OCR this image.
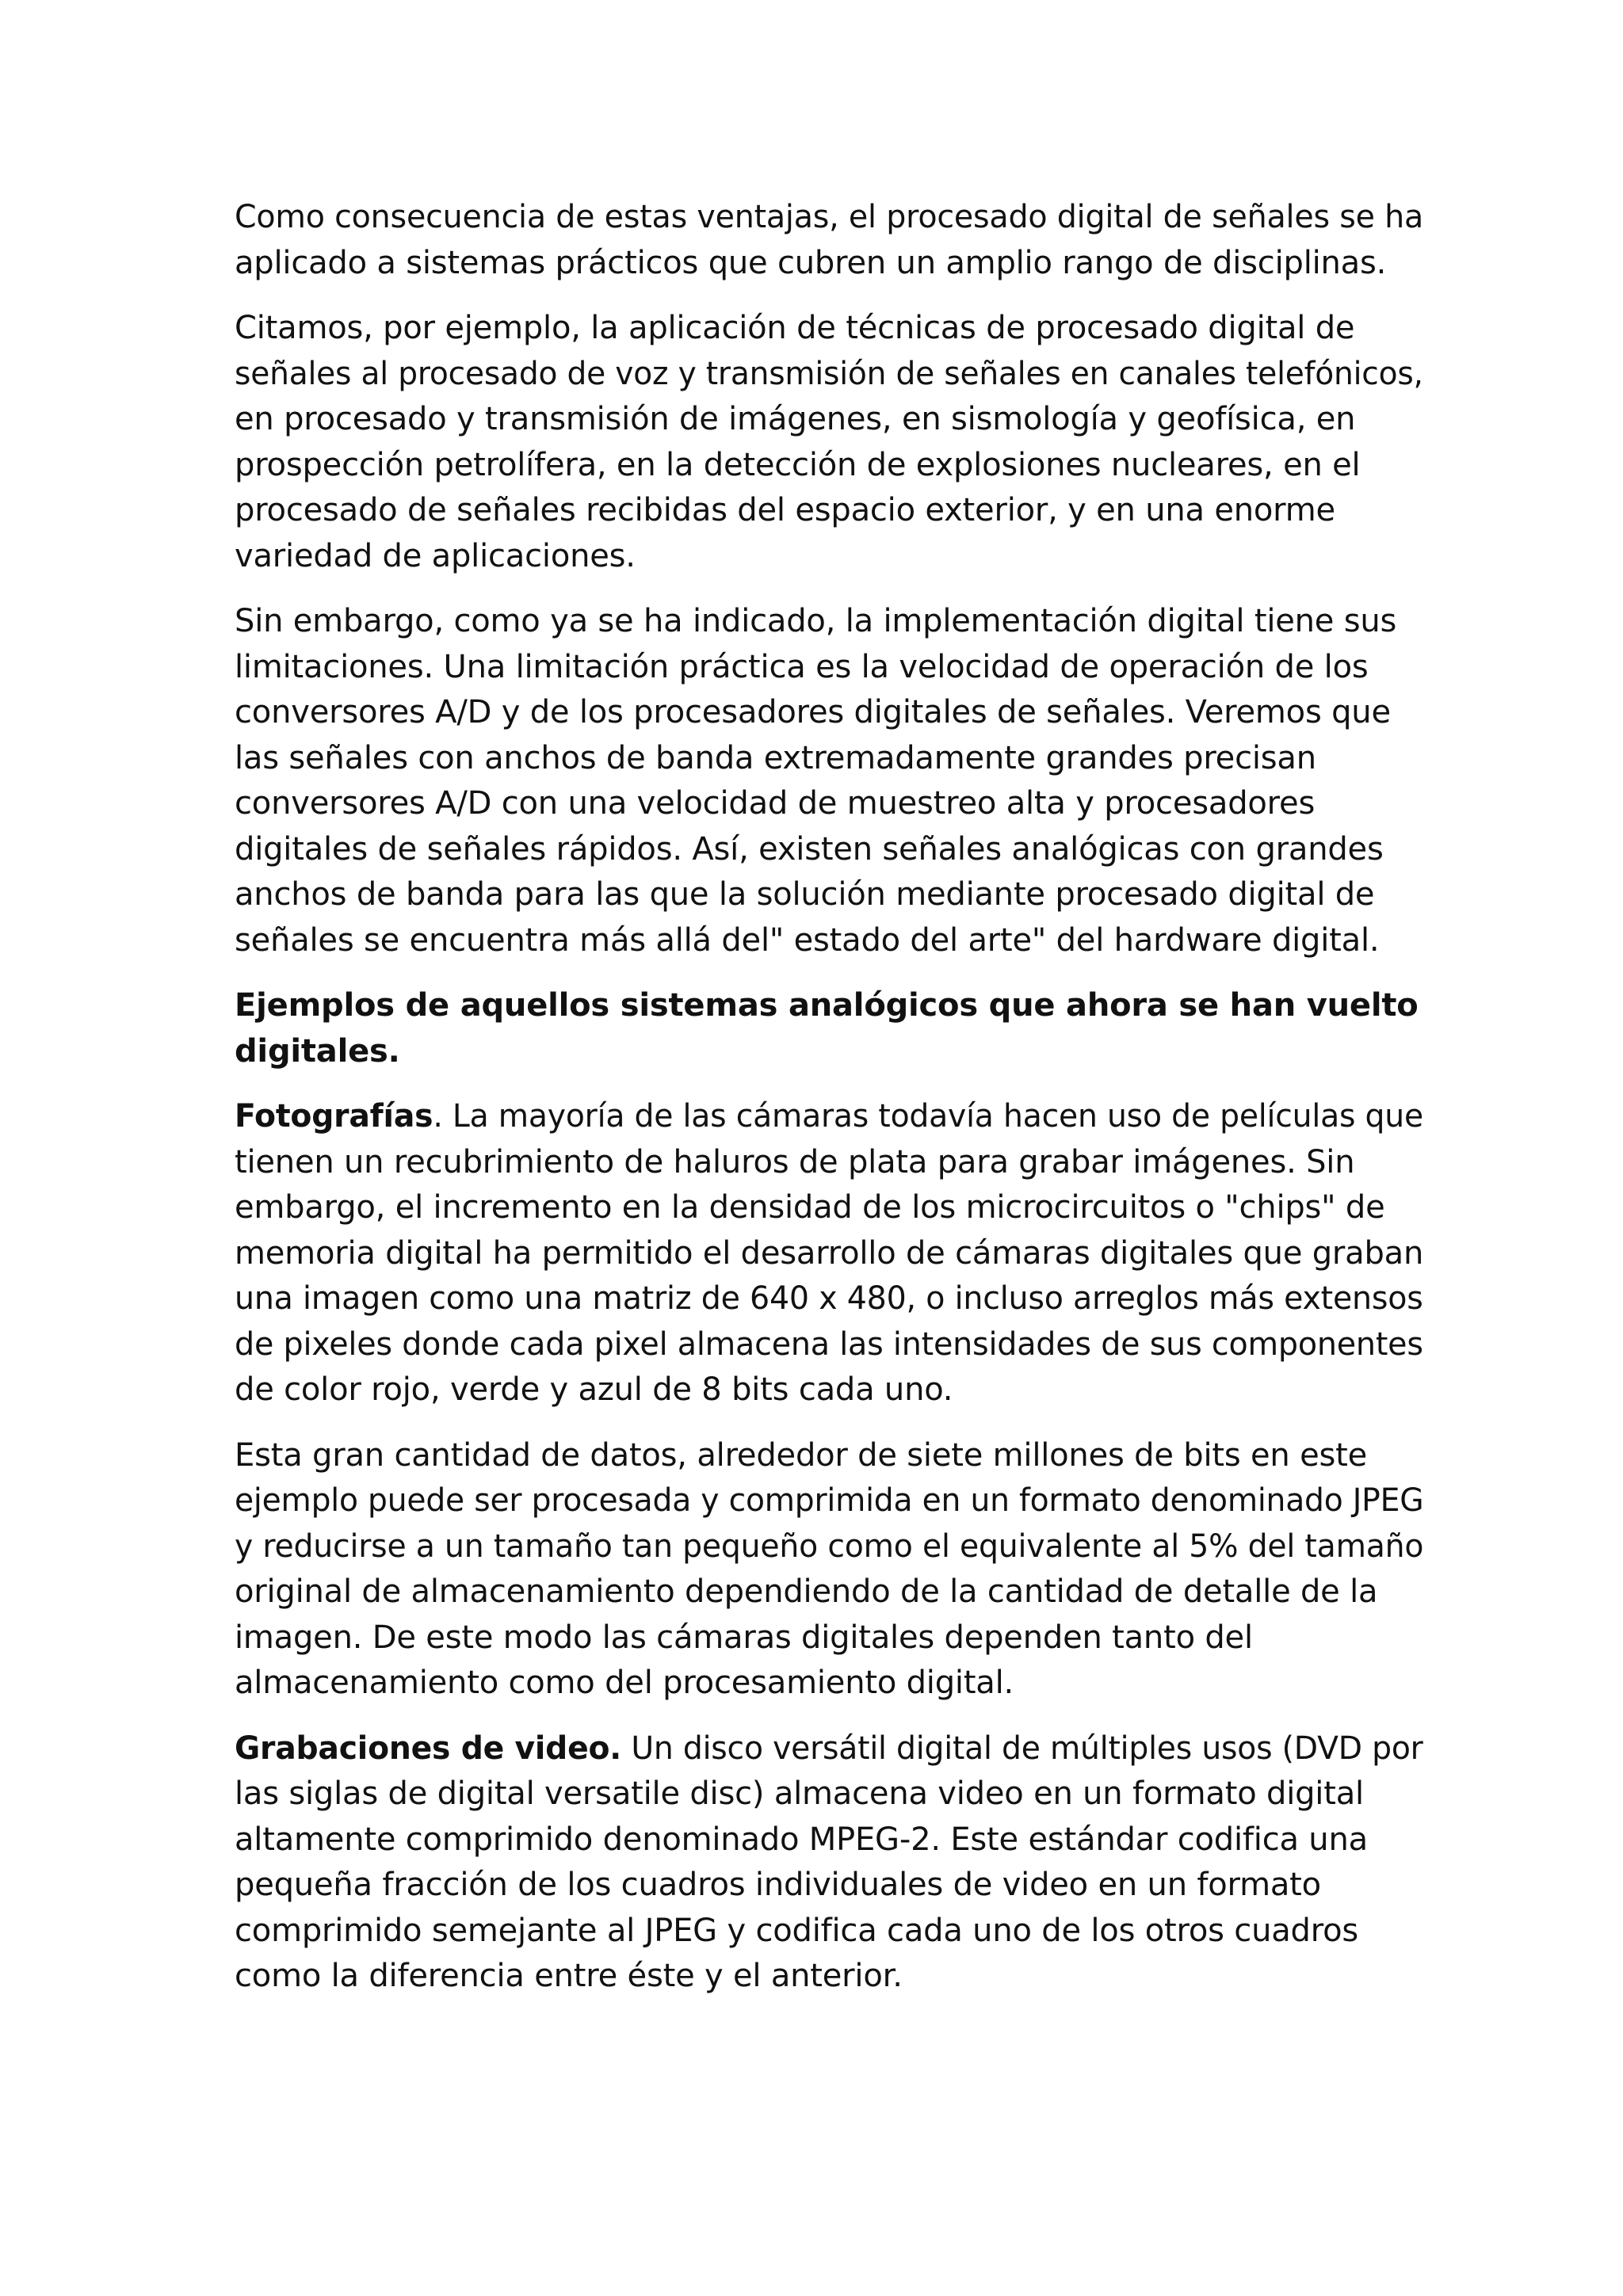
Como consecuencia de estas ventajas, el procesado digital de señales se ha
aplicado a sistemas prácticos que cubren un amplio rango de disciplinas.
Citamos, por ejemplo, la aplicación de técnicas de procesado digital de
señales al procesado de voz y transmisión de señales en canales telefónicos,
en procesado y transmisión de imágenes, en sismología y geofísica, en
prospección petrolífera, en la detección de explosiones nucleares, en el
procesado de señales recibidas del espacio exterior, y en una enorme
variedad de aplicaciones.
Sin embargo, como ya se ha indicado, la implementación digital tiene sus
limitaciones. Una limitación práctica es la velocidad de operación de los
conversores A/D y de los procesadores digitales de señales. Veremos que
las señales con anchos de banda extremadamente grandes precisan
conversores A/D con una velocidad de muestreo alta y procesadores
digitales de señales rápidos. Así, existen señales analógicas con grandes
anchos de banda para las que la solución mediante procesado digital de
señales se encuentra más allá del" estado del arte" del hardware digital.
Ejemplos de aquellos sistemas analógicos que ahora se han vuelto
digitales.
Fotografías. La mayoría de las cámaras todavía hacen uso de películas que
tienen un recubrimiento de haluros de plata para grabar imágenes. Sin
embargo, el incremento en la densidad de los microcircuitos o "chips" de
memoria digital ha permitido el desarrollo de cámaras digitales que graban
una imagen como una matriz de 640 x 480, o incluso arreglos más extensos
de pixeles donde cada pixel almacena las intensidades de sus componentes
de color rojo, verde y azul de 8 bits cada uno.
Esta gran cantidad de datos, alrededor de siete millones de bits en este
ejemplo puede ser procesada y comprimida en un formato denominado JPEG
y reducirse a un tamaño tan pequeño como el equivalente al 5% del tamaño
original de almacenamiento dependiendo de la cantidad de detalle de la
imagen. De este modo las cámaras digitales dependen tanto del
almacenamiento como del procesamiento digital.
Grabaciones de video. Un disco versátil digital de múltiples usos (DVD por
las siglas de digital versatile disc) almacena video en un formato digital
altamente comprimido denominado MPEG-2. Este estándar codifica una
pequeña fracción de los cuadros individuales de video en un formato
comprimido semejante al JPEG y codifica cada uno de los otros cuadros
como la diferencia entre éste y el anterior.
